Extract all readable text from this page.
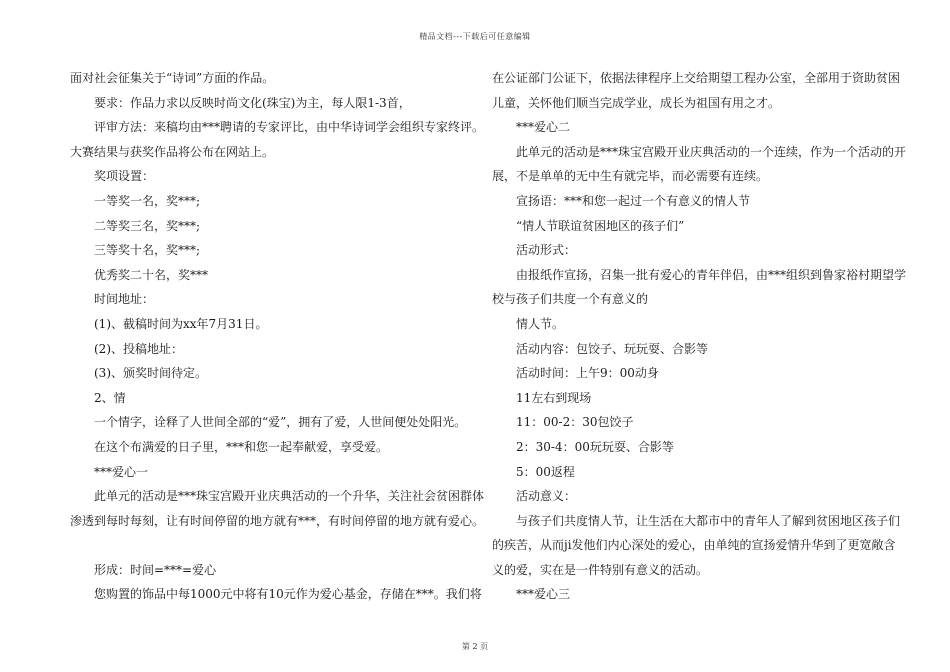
精品文档---下载后可任意编辑
面对社会征集关于“诗词”方面的作品。
要求：作品力求以反映时尚文化(珠宝)为主，每人限1-3首，
评审方法：来稿均由***聘请的专家评比，由中华诗词学会组织专家终评。
大赛结果与获奖作品将公布在网站上。
奖项设置：
一等奖一名，奖***;
二等奖三名，奖***;
三等奖十名，奖***;
优秀奖二十名，奖***
时间地址：
(1)、截稿时间为xx年7月31日。
(2)、投稿地址：
(3)、颁奖时间待定。
2、情
一个情字，诠释了人世间全部的“爱”，拥有了爱，人世间便处处阳光。
在这个布满爱的日子里，***和您一起奉献爱，享受爱。
***爱心一
此单元的活动是***珠宝宫殿开业庆典活动的一个升华，关注社会贫困群体
渗透到每时每刻，让有时间停留的地方就有***，有时间停留的地方就有爱心。
形成：时间=***=爱心
您购置的饰品中每1000元中将有10元作为爱心基金，存储在***。我们将
在公证部门公证下，依据法律程序上交给期望工程办公室，全部用于资助贫困
儿童，关怀他们顺当完成学业，成长为祖国有用之才。
***爱心二
此单元的活动是***珠宝宫殿开业庆典活动的一个连续，作为一个活动的开
展，不是单单的无中生有就完毕，而必需要有连续。
宣扬语：***和您一起过一个有意义的情人节
“情人节联谊贫困地区的孩子们”
活动形式：
由报纸作宣扬，召集一批有爱心的青年伴侣，由***组织到鲁家裕村期望学
校与孩子们共度一个有意义的
情人节。
活动内容：包饺子、玩玩耍、合影等
活动时间：上午9：00动身
11左右到现场
11：00-2：30包饺子
2：30-4：00玩玩耍、合影等
5：00返程
活动意义：
与孩子们共度情人节，让生活在大都市中的青年人了解到贫困地区孩子们
的疾苦，从而ji发他们内心深处的爱心，由单纯的宣扬爱情升华到了更宽敞含
义的爱，实在是一件特别有意义的活动。
***爱心三
第 2 页
